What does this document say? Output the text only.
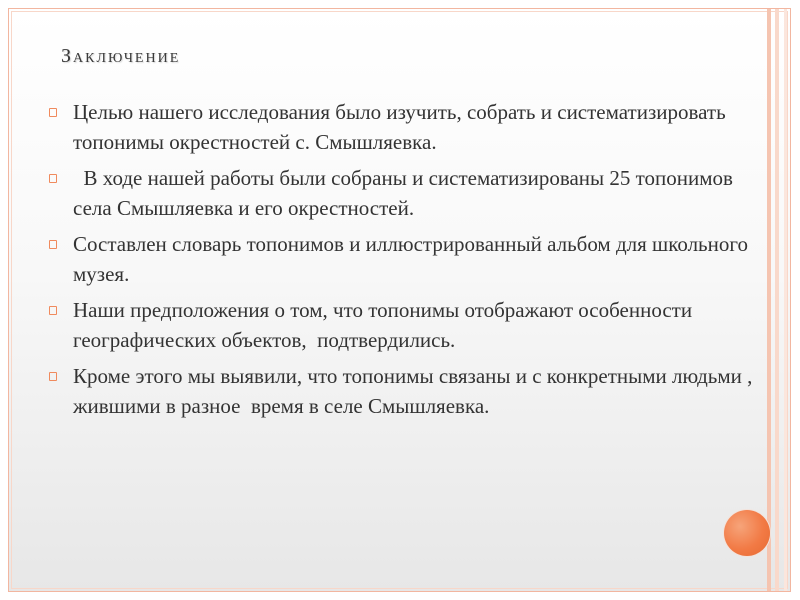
Заключение
Целью нашего исследования было изучить, собрать и систематизировать топонимы окрестностей с. Смышляевка.
В ходе нашей работы были собраны и систематизированы 25 топонимов села Смышляевка и его окрестностей.
Составлен словарь топонимов и иллюстрированный альбом для школьного музея.
Наши предположения о том, что топонимы отображают особенности географических объектов,  подтвердились.
Кроме этого мы выявили, что топонимы связаны и с конкретными людьми , жившими в разное  время в селе Смышляевка.
